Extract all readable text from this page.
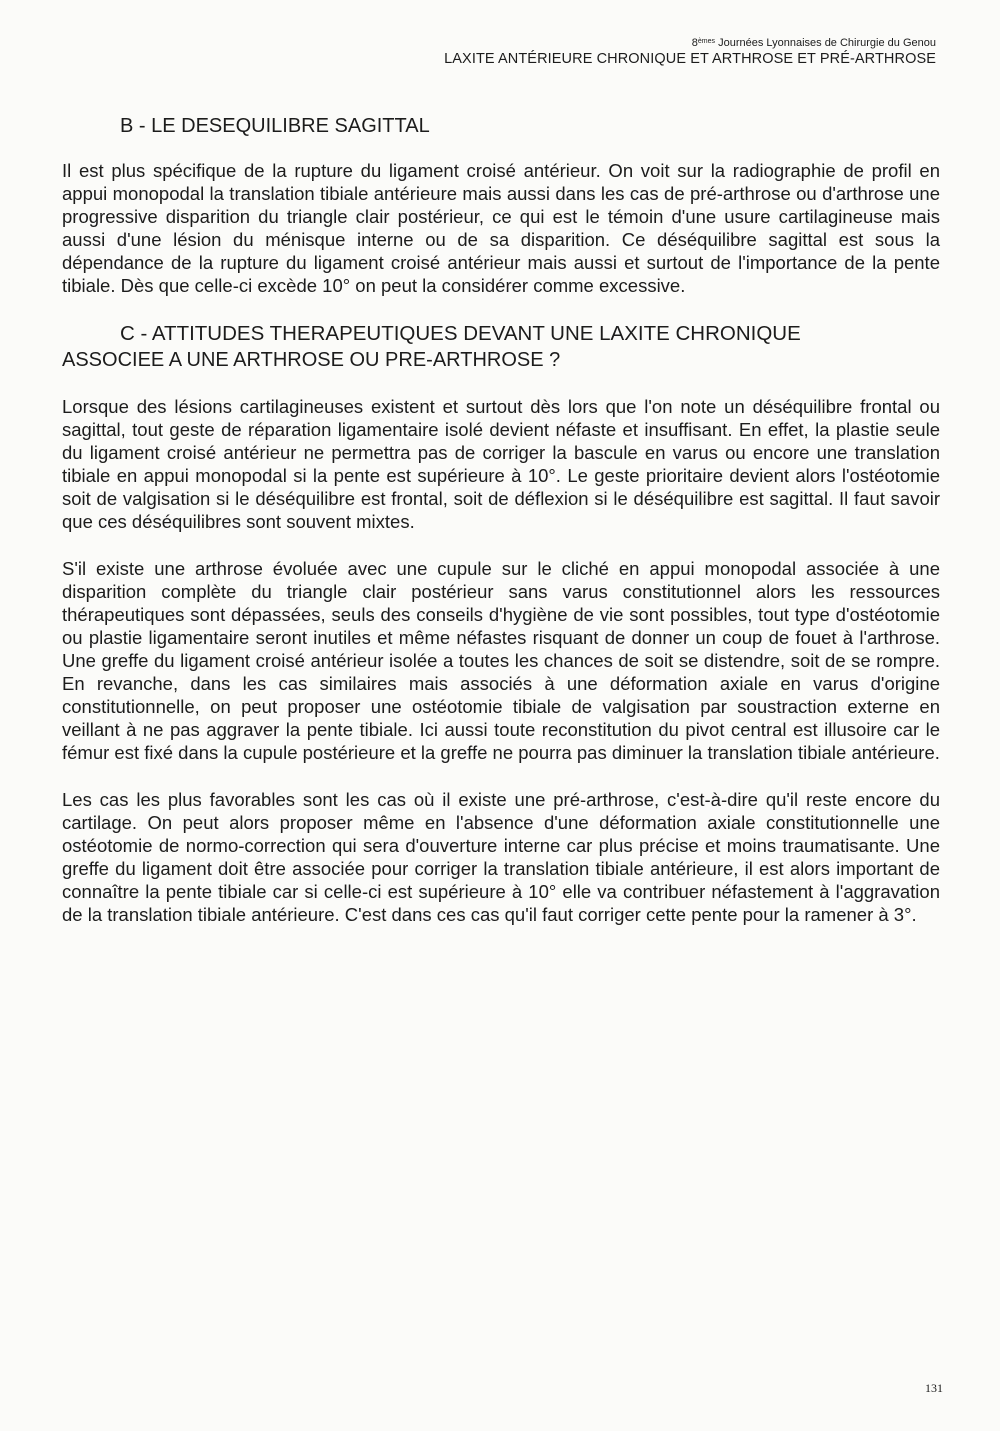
8èmes Journées Lyonnaises de Chirurgie du Genou
LAXITE ANTÉRIEURE CHRONIQUE ET ARTHROSE ET PRÉ-ARTHROSE
B - LE DESEQUILIBRE SAGITTAL

Il est plus spécifique de la rupture du ligament croisé antérieur. On voit sur la radiographie de profil en appui monopodal la translation tibiale antérieure mais aussi dans les cas de pré-arthrose ou d'arthrose une progressive disparition du triangle clair postérieur, ce qui est le témoin d'une usure cartilagineuse mais aussi d'une lésion du ménisque interne ou de sa disparition. Ce déséquilibre sagittal est sous la dépendance de la rupture du ligament croisé antérieur mais aussi et surtout de l'importance de la pente tibiale. Dès que celle-ci excède 10° on peut la considérer comme excessive.

C - ATTITUDES THERAPEUTIQUES DEVANT UNE LAXITE CHRONIQUE
ASSOCIEE A UNE ARTHROSE OU PRE-ARTHROSE ?

Lorsque des lésions cartilagineuses existent et surtout dès lors que l'on note un déséquilibre frontal ou sagittal, tout geste de réparation ligamentaire isolé devient néfaste et insuffisant. En effet, la plastie seule du ligament croisé antérieur ne permettra pas de corriger la bascule en varus ou encore une translation tibiale en appui monopodal si la pente est supérieure à 10°. Le geste prioritaire devient alors l'ostéotomie soit de valgisation si le déséquilibre est frontal, soit de déflexion si le déséquilibre est sagittal. Il faut savoir que ces déséquilibres sont souvent mixtes.

S'il existe une arthrose évoluée avec une cupule sur le cliché en appui monopodal associée à une disparition complète du triangle clair postérieur sans varus constitutionnel alors les ressources thérapeutiques sont dépassées, seuls des conseils d'hygiène de vie sont possibles, tout type d'ostéotomie ou plastie ligamentaire seront inutiles et même néfastes risquant de donner un coup de fouet à l'arthrose. Une greffe du ligament croisé antérieur isolée a toutes les chances de soit se distendre, soit de se rompre. En revanche, dans les cas similaires mais associés à une déformation axiale en varus d'origine constitutionnelle, on peut proposer une ostéotomie tibiale de valgisation par soustraction externe en veillant à ne pas aggraver la pente tibiale. Ici aussi toute reconstitution du pivot central est illusoire car le fémur est fixé dans la cupule postérieure et la greffe ne pourra pas diminuer la translation tibiale antérieure.

Les cas les plus favorables sont les cas où il existe une pré-arthrose, c'est-à-dire qu'il reste encore du cartilage. On peut alors proposer même en l'absence d'une déformation axiale constitutionnelle une ostéotomie de normo-correction qui sera d'ouverture interne car plus précise et moins traumatisante. Une greffe du ligament doit être associée pour corriger la translation tibiale antérieure, il est alors important de connaître la pente tibiale car si celle-ci est supérieure à 10° elle va contribuer néfastement à l'aggravation de la translation tibiale antérieure. C'est dans ces cas qu'il faut corriger cette pente pour la ramener à 3°.

131
